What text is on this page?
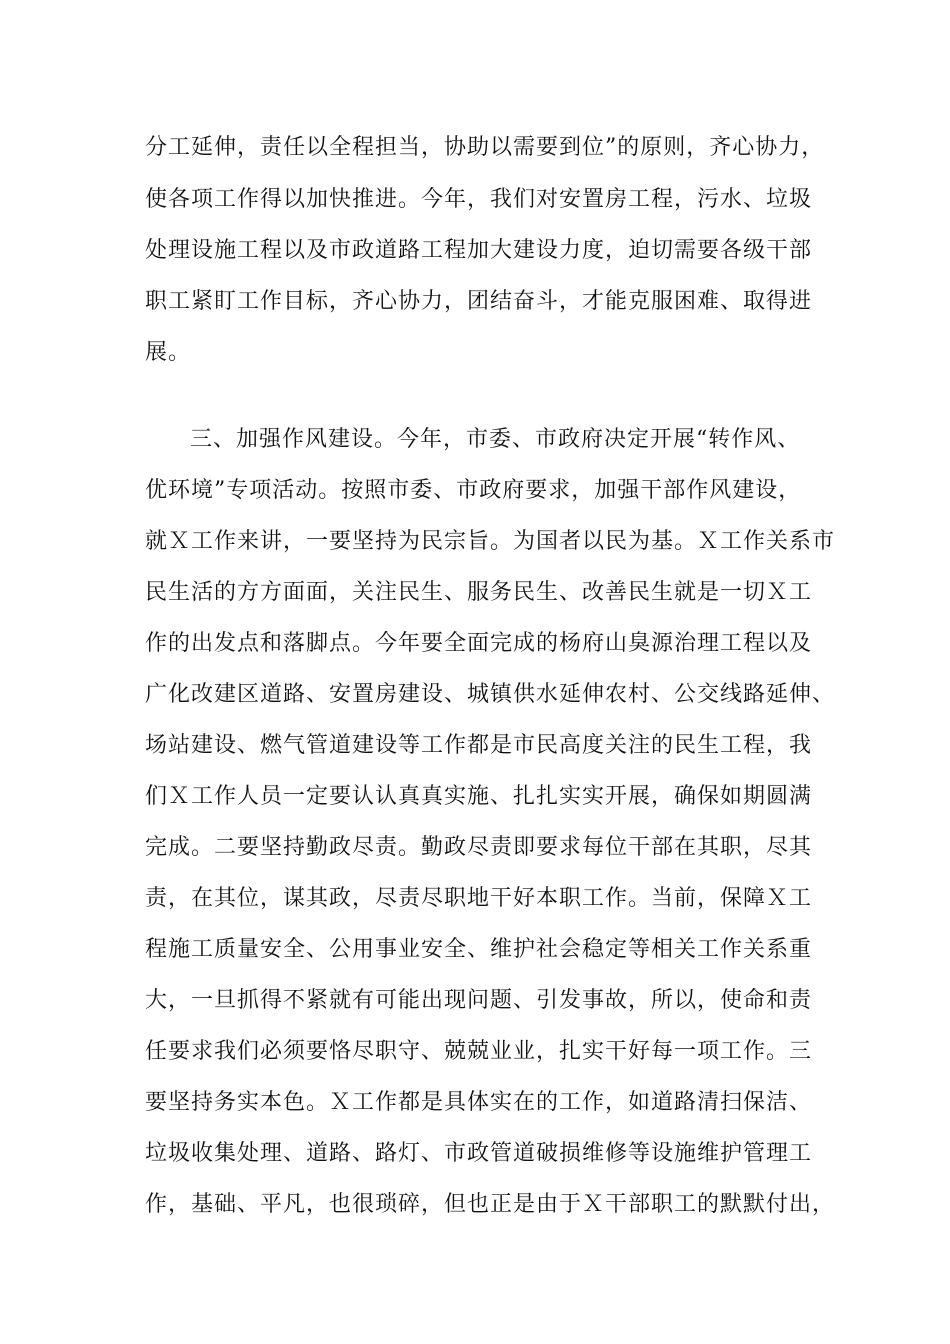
分工延伸，责任以全程担当，协助以需要到位”的原则，齐心协力，
使各项工作得以加快推进。今年，我们对安置房工程，污水、垃圾
处理设施工程以及市政道路工程加大建设力度，迫切需要各级干部
职工紧盯工作目标，齐心协力，团结奋斗，才能克服困难、取得进
展。
三、加强作风建设。今年，市委、市政府决定开展“转作风、
优环境”专项活动。按照市委、市政府要求，加强干部作风建设，
就Ｘ工作来讲，一要坚持为民宗旨。为国者以民为基。Ｘ工作关系市
民生活的方方面面，关注民生、服务民生、改善民生就是一切Ｘ工
作的出发点和落脚点。今年要全面完成的杨府山臭源治理工程以及
广化改建区道路、安置房建设、城镇供水延伸农村、公交线路延伸、
场站建设、燃气管道建设等工作都是市民高度关注的民生工程，我
们Ｘ工作人员一定要认认真真实施、扎扎实实开展，确保如期圆满
完成。二要坚持勤政尽责。勤政尽责即要求每位干部在其职，尽其
责，在其位，谋其政，尽责尽职地干好本职工作。当前，保障Ｘ工
程施工质量安全、公用事业安全、维护社会稳定等相关工作关系重
大，一旦抓得不紧就有可能出现问题、引发事故，所以，使命和责
任要求我们必须要恪尽职守、兢兢业业，扎实干好每一项工作。三
要坚持务实本色。Ｘ工作都是具体实在的工作，如道路清扫保洁、
垃圾收集处理、道路、路灯、市政管道破损维修等设施维护管理工
作，基础、平凡，也很琐碎，但也正是由于Ｘ干部职工的默默付出，
